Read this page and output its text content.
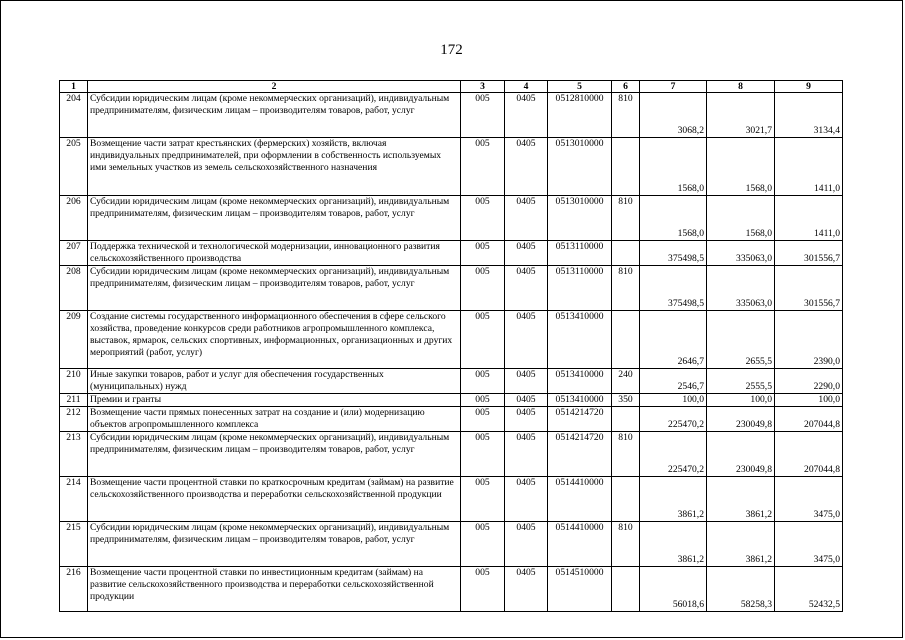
172
1	2	3	4	5	6	7	8	9
204	Субсидии юридическим лицам (кроме некоммерческих организаций), индивидуальным предпринимателям, физическим лицам – производителям товаров, работ, услуг	005	0405	0512810000	810	3068,2	3021,7	3134,4
205	Возмещение части затрат крестьянских (фермерских) хозяйств, включая индивидуальных предпринимателей, при оформлении в собственность используемых ими земельных участков из земель сельскохозяйственного назначения	005	0405	0513010000		1568,0	1568,0	1411,0
206	Субсидии юридическим лицам (кроме некоммерческих организаций), индивидуальным предпринимателям, физическим лицам – производителям товаров, работ, услуг	005	0405	0513010000	810	1568,0	1568,0	1411,0
207	Поддержка технической и технологической модернизации, инновационного развития сельскохозяйственного производства	005	0405	0513110000		375498,5	335063,0	301556,7
208	Субсидии юридическим лицам (кроме некоммерческих организаций), индивидуальным предпринимателям, физическим лицам – производителям товаров, работ, услуг	005	0405	0513110000	810	375498,5	335063,0	301556,7
209	Создание системы государственного информационного обеспечения в сфере сельского хозяйства, проведение конкурсов среди работников агропромышленного комплекса, выставок, ярмарок, сельских спортивных, информационных, организационных и других мероприятий (работ, услуг)	005	0405	0513410000		2646,7	2655,5	2390,0
210	Иные закупки товаров, работ и услуг для обеспечения государственных (муниципальных) нужд	005	0405	0513410000	240	2546,7	2555,5	2290,0
211	Премии и гранты	005	0405	0513410000	350	100,0	100,0	100,0
212	Возмещение части прямых понесенных затрат на создание и (или) модернизацию объектов агропромышленного комплекса	005	0405	0514214720		225470,2	230049,8	207044,8
213	Субсидии юридическим лицам (кроме некоммерческих организаций), индивидуальным предпринимателям, физическим лицам – производителям товаров, работ, услуг	005	0405	0514214720	810	225470,2	230049,8	207044,8
214	Возмещение части процентной ставки по краткосрочным кредитам (займам) на развитие сельскохозяйственного производства и переработки сельскохозяйственной продукции	005	0405	0514410000		3861,2	3861,2	3475,0
215	Субсидии юридическим лицам (кроме некоммерческих организаций), индивидуальным предпринимателям, физическим лицам – производителям товаров, работ, услуг	005	0405	0514410000	810	3861,2	3861,2	3475,0
216	Возмещение части процентной ставки по инвестиционным кредитам (займам) на развитие сельскохозяйственного производства и переработки сельскохозяйственной продукции	005	0405	0514510000		56018,6	58258,3	52432,5
